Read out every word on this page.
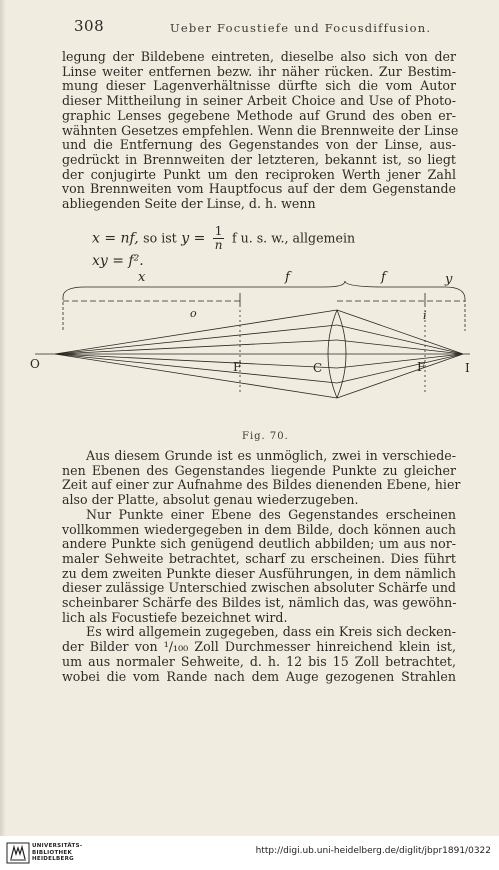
308	Ueber Focustiefe und Focusdiffusion.
legung der Bildebene eintreten, dieselbe also sich von der
Linse weiter entfernen bezw. ihr näher rücken. Zur Bestim-
mung dieser Lagenverhältnisse dürfte sich die vom Autor
dieser Mittheilung in seiner Arbeit Choice and Use of Photo-
graphic Lenses gegebene Methode auf Grund des oben er-
wähnten Gesetzes empfehlen. Wenn die Brennweite der Linse
und die Entfernung des Gegenstandes von der Linse, aus-
gedrückt in Brennweiten der letzteren, bekannt ist, so liegt
der conjugirte Punkt um den reciproken Werth jener Zahl
von Brennweiten vom Hauptfocus auf der dem Gegenstande
abliegenden Seite der Linse, d. h. wenn
x = nf, so ist $y = \frac{1}{n}$ f u. s. w., allgemein
xy = f².
x	f	f	y
o	i
O	F	C	F	I
Fig. 70.
Aus diesem Grunde ist es unmöglich, zwei in verschiede-
nen Ebenen des Gegenstandes liegende Punkte zu gleicher
Zeit auf einer zur Aufnahme des Bildes dienenden Ebene, hier
also der Platte, absolut genau wiederzugeben.
Nur Punkte einer Ebene des Gegenstandes erscheinen
vollkommen wiedergegeben in dem Bilde, doch können auch
andere Punkte sich genügend deutlich abbilden; um aus nor-
maler Sehweite betrachtet, scharf zu erscheinen. Dies führt
zu dem zweiten Punkte dieser Ausführungen, in dem nämlich
dieser zulässige Unterschied zwischen absoluter Schärfe und
scheinbarer Schärfe des Bildes ist, nämlich das, was gewöhn-
lich als Focustiefe bezeichnet wird.
Es wird allgemein zugegeben, dass ein Kreis sich decken-
der Bilder von ¹/₁₀₀ Zoll Durchmesser hinreichend klein ist,
um aus normaler Sehweite, d. h. 12 bis 15 Zoll betrachtet,
wobei die vom Rande nach dem Auge gezogenen Strahlen
UNIVERSITÄTS-
BIBLIOTHEK
HEIDELBERG
http://digi.ub.uni-heidelberg.de/diglit/jbpr1891/0322
